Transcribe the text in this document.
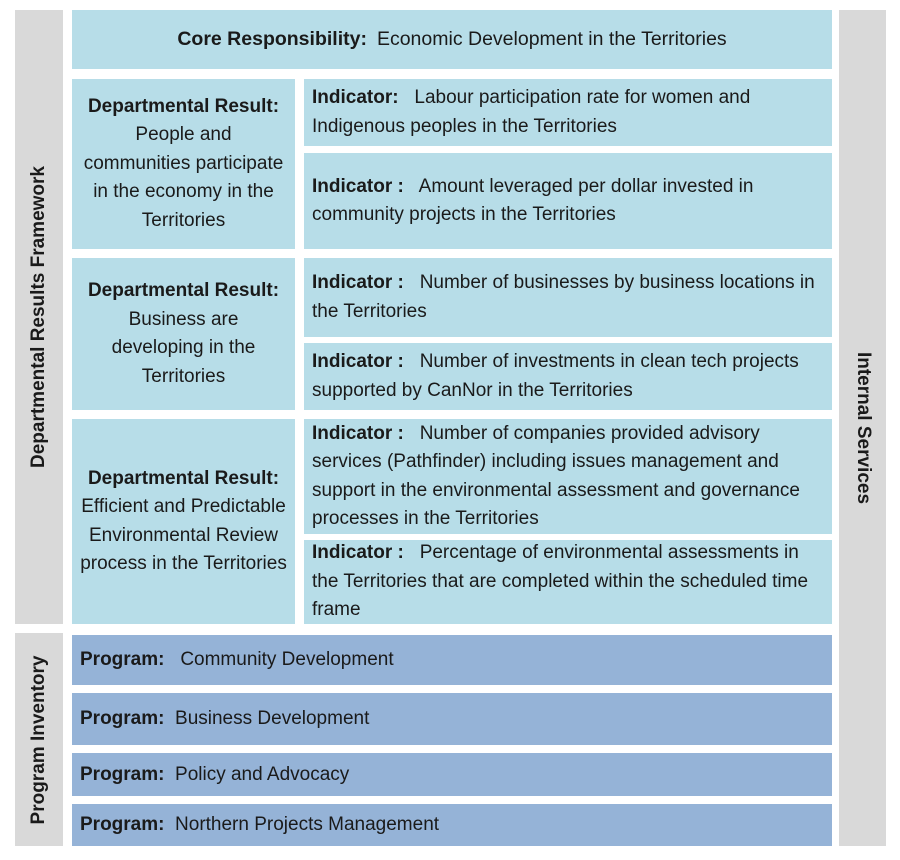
Departmental Results Framework
Program Inventory
Internal Services
Core Responsibility: Economic Development in the Territories
Departmental Result:
People and communities participate in the economy in the Territories
Indicator: Labour participation rate for women and Indigenous peoples in the Territories
Indicator : Amount leveraged per dollar invested in community projects in the Territories
Departmental Result:
Business are developing in the Territories
Indicator : Number of businesses by business locations in the Territories
Indicator : Number of investments in clean tech projects supported by CanNor in the Territories
Departmental Result:
Efficient and Predictable Environmental Review process in the Territories
Indicator : Number of companies provided advisory services (Pathfinder) including issues management and support in the environmental assessment and governance processes in the Territories
Indicator : Percentage of environmental assessments in the Territories that are completed within the scheduled time frame
Program:
Community Development
Program:
Business Development
Program:
Policy and Advocacy
Program:
Northern Projects Management
